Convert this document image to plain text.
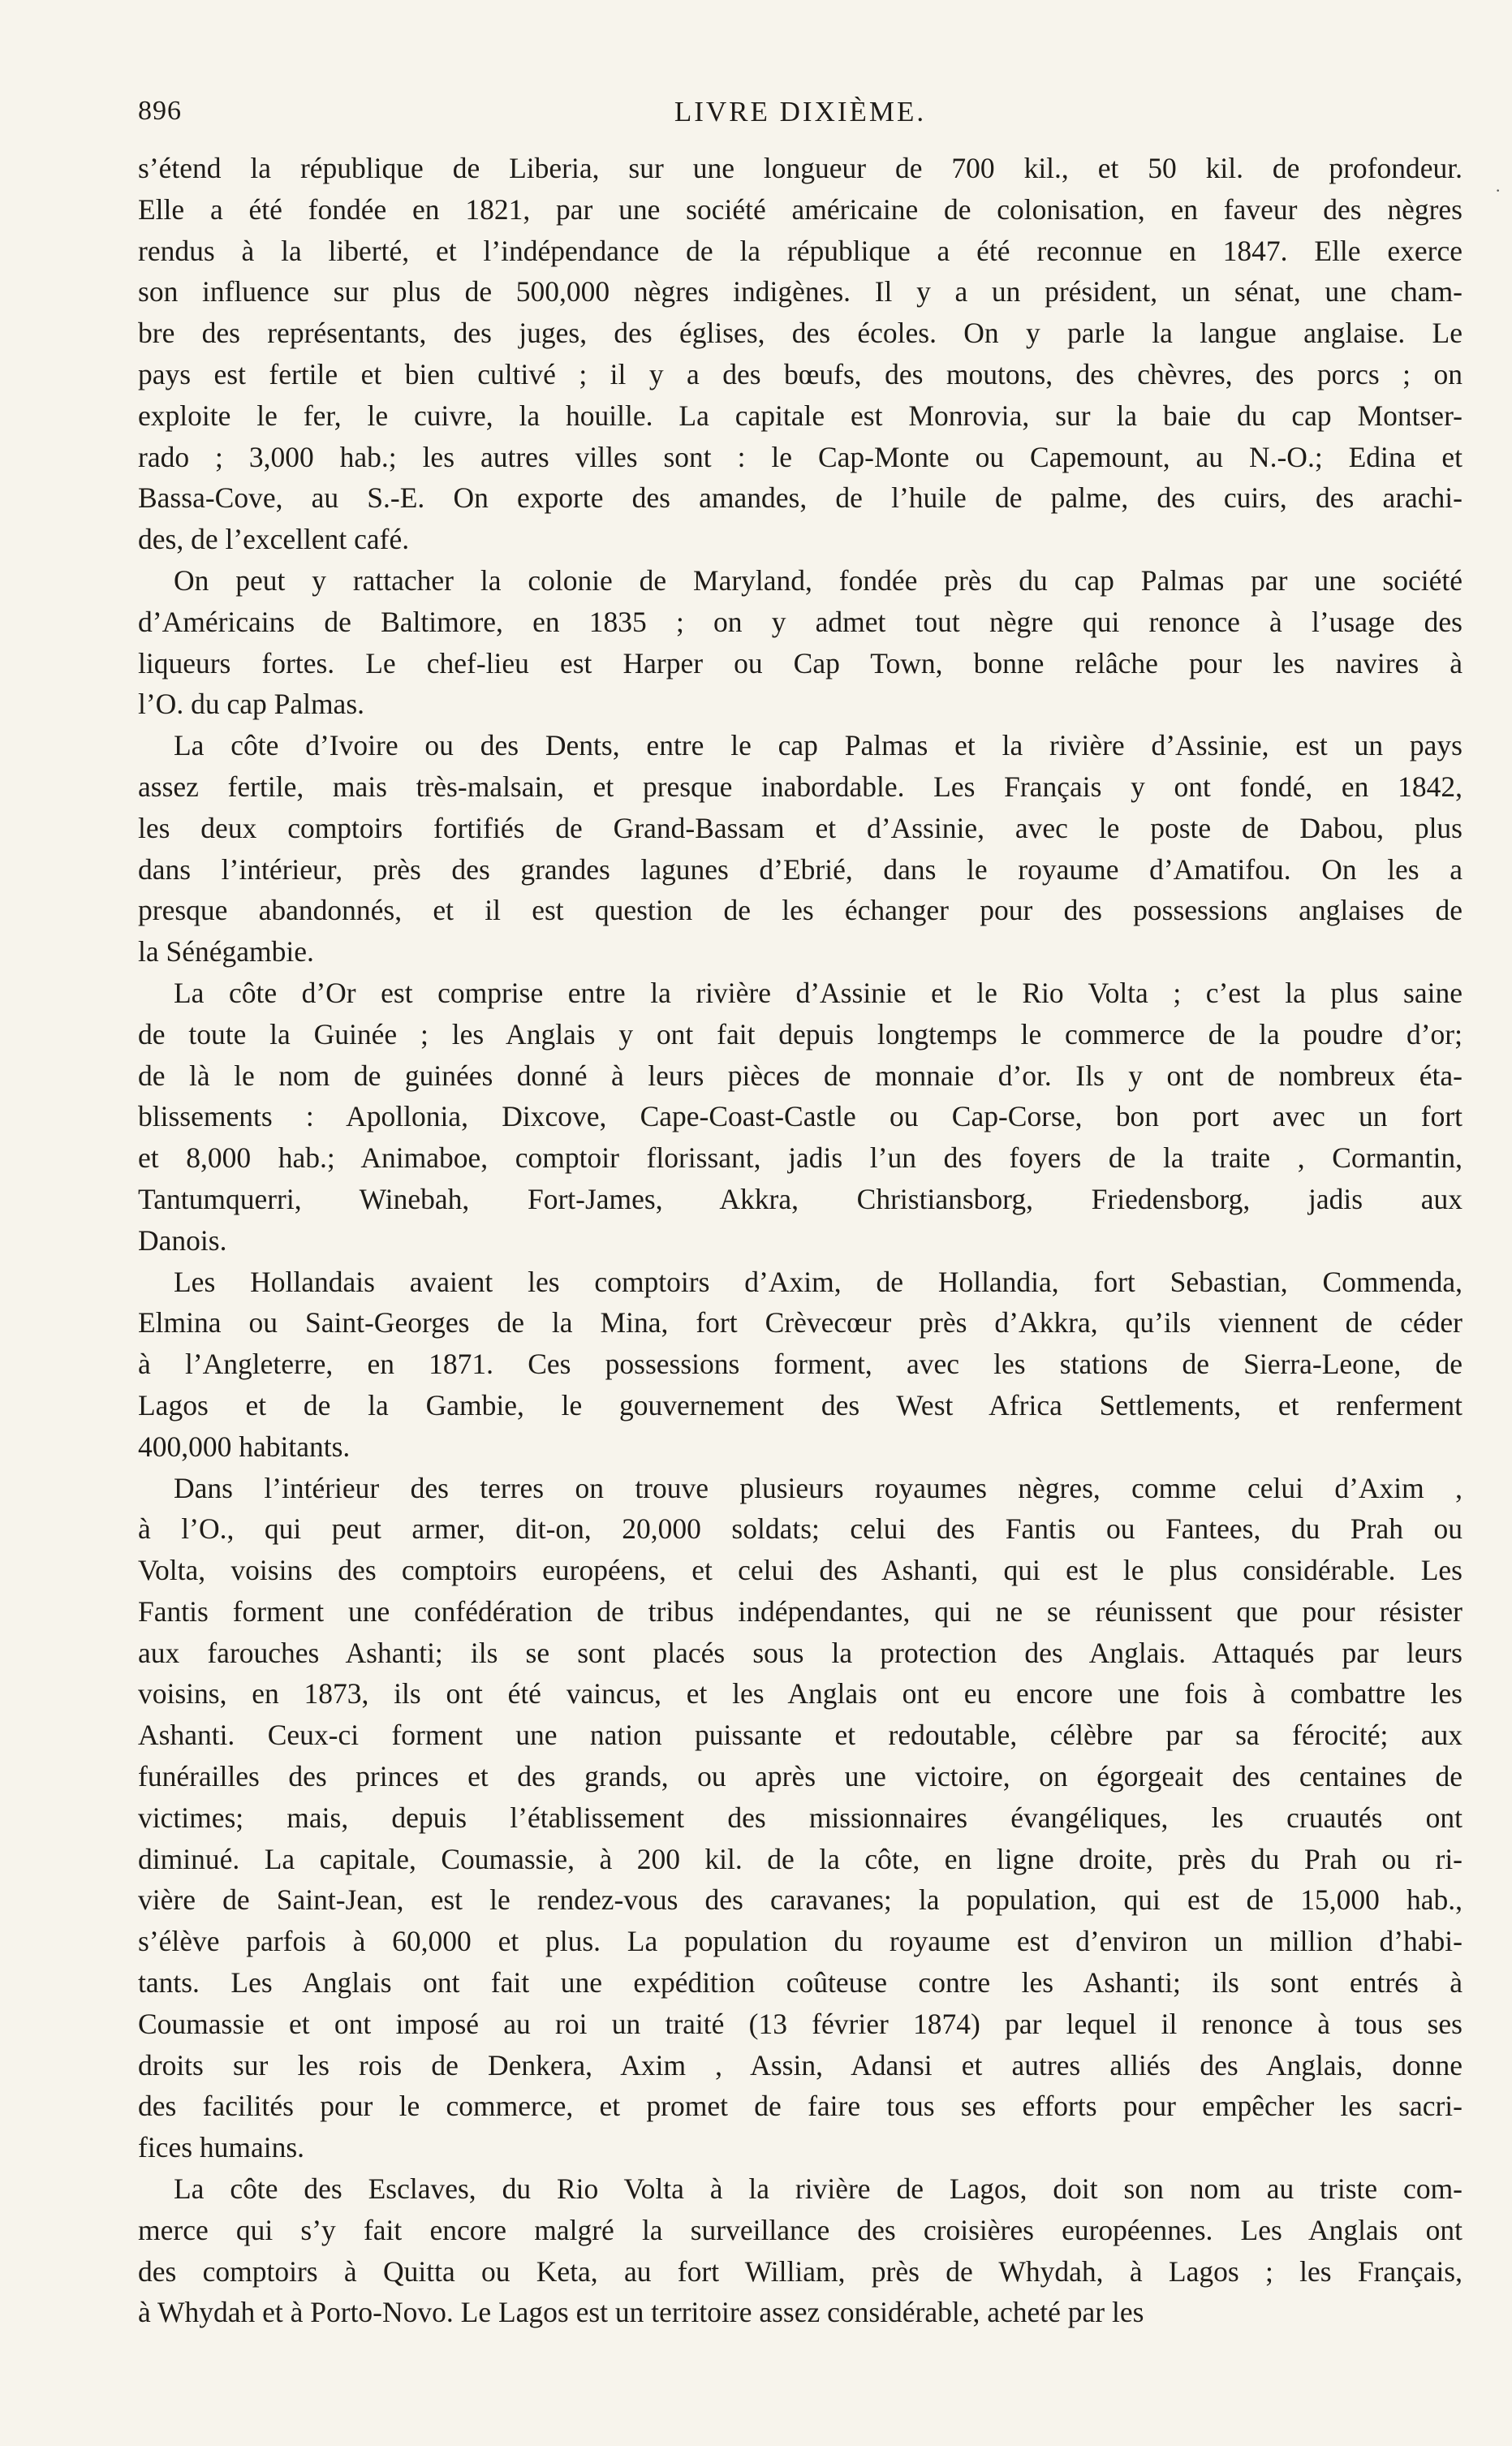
896	LIVRE DIXIÈME.
·

s’étend la république de Liberia, sur une longueur de 700 kil., et 50 kil. de profondeur.
Elle a été fondée en 1821, par une société américaine de colonisation, en faveur des nègres
rendus à la liberté, et l’indépendance de la république a été reconnue en 1847. Elle exerce
son influence sur plus de 500,000 nègres indigènes. Il y a un président, un sénat, une cham-
bre des représentants, des juges, des églises, des écoles. On y parle la langue anglaise. Le
pays est fertile et bien cultivé ; il y a des bœufs, des moutons, des chèvres, des porcs ; on
exploite le fer, le cuivre, la houille. La capitale est Monrovia, sur la baie du cap Montser-
rado ; 3,000 hab.; les autres villes sont : le Cap-Monte ou Capemount, au N.-O.; Edina et
Bassa-Cove, au S.-E. On exporte des amandes, de l’huile de palme, des cuirs, des arachi-
des, de l’excellent café.

On peut y rattacher la colonie de Maryland, fondée près du cap Palmas par une société
d’Américains de Baltimore, en 1835 ; on y admet tout nègre qui renonce à l’usage des
liqueurs fortes. Le chef-lieu est Harper ou Cap Town, bonne relâche pour les navires à
l’O. du cap Palmas.

La côte d’Ivoire ou des Dents, entre le cap Palmas et la rivière d’Assinie, est un pays
assez fertile, mais très-malsain, et presque inabordable. Les Français y ont fondé, en 1842,
les deux comptoirs fortifiés de Grand-Bassam et d’Assinie, avec le poste de Dabou, plus
dans l’intérieur, près des grandes lagunes d’Ebrié, dans le royaume d’Amatifou. On les a
presque abandonnés, et il est question de les échanger pour des possessions anglaises de
la Sénégambie.

La côte d’Or est comprise entre la rivière d’Assinie et le Rio Volta ; c’est la plus saine
de toute la Guinée ; les Anglais y ont fait depuis longtemps le commerce de la poudre d’or;
de là le nom de guinées donné à leurs pièces de monnaie d’or. Ils y ont de nombreux éta-
blissements : Apollonia, Dixcove, Cape-Coast-Castle ou Cap-Corse, bon port avec un fort
et 8,000 hab.; Animaboe, comptoir florissant, jadis l’un des foyers de la traite , Cormantin,
Tantumquerri, Winebah, Fort-James, Akkra, Christiansborg, Friedensborg, jadis aux
Danois.

Les Hollandais avaient les comptoirs d’Axim, de Hollandia, fort Sebastian, Commenda,
Elmina ou Saint-Georges de la Mina, fort Crèvecœur près d’Akkra, qu’ils viennent de céder
à l’Angleterre, en 1871. Ces possessions forment, avec les stations de Sierra-Leone, de
Lagos et de la Gambie, le gouvernement des West Africa Settlements, et renferment
400,000 habitants.

Dans l’intérieur des terres on trouve plusieurs royaumes nègres, comme celui d’Axim ,
à l’O., qui peut armer, dit-on, 20,000 soldats; celui des Fantis ou Fantees, du Prah ou
Volta, voisins des comptoirs européens, et celui des Ashanti, qui est le plus considérable. Les
Fantis forment une confédération de tribus indépendantes, qui ne se réunissent que pour résister
aux farouches Ashanti; ils se sont placés sous la protection des Anglais. Attaqués par leurs
voisins, en 1873, ils ont été vaincus, et les Anglais ont eu encore une fois à combattre les
Ashanti. Ceux-ci forment une nation puissante et redoutable, célèbre par sa férocité; aux
funérailles des princes et des grands, ou après une victoire, on égorgeait des centaines de
victimes; mais, depuis l’établissement des missionnaires évangéliques, les cruautés ont
diminué. La capitale, Coumassie, à 200 kil. de la côte, en ligne droite, près du Prah ou ri-
vière de Saint-Jean, est le rendez-vous des caravanes; la population, qui est de 15,000 hab.,
s’élève parfois à 60,000 et plus. La population du royaume est d’environ un million d’habi-
tants. Les Anglais ont fait une expédition coûteuse contre les Ashanti; ils sont entrés à
Coumassie et ont imposé au roi un traité (13 février 1874) par lequel il renonce à tous ses
droits sur les rois de Denkera, Axim , Assin, Adansi et autres alliés des Anglais, donne
des facilités pour le commerce, et promet de faire tous ses efforts pour empêcher les sacri-
fices humains.

La côte des Esclaves, du Rio Volta à la rivière de Lagos, doit son nom au triste com-
merce qui s’y fait encore malgré la surveillance des croisières européennes. Les Anglais ont
des comptoirs à Quitta ou Keta, au fort William, près de Whydah, à Lagos ; les Français,
à Whydah et à Porto-Novo. Le Lagos est un territoire assez considérable, acheté par les
